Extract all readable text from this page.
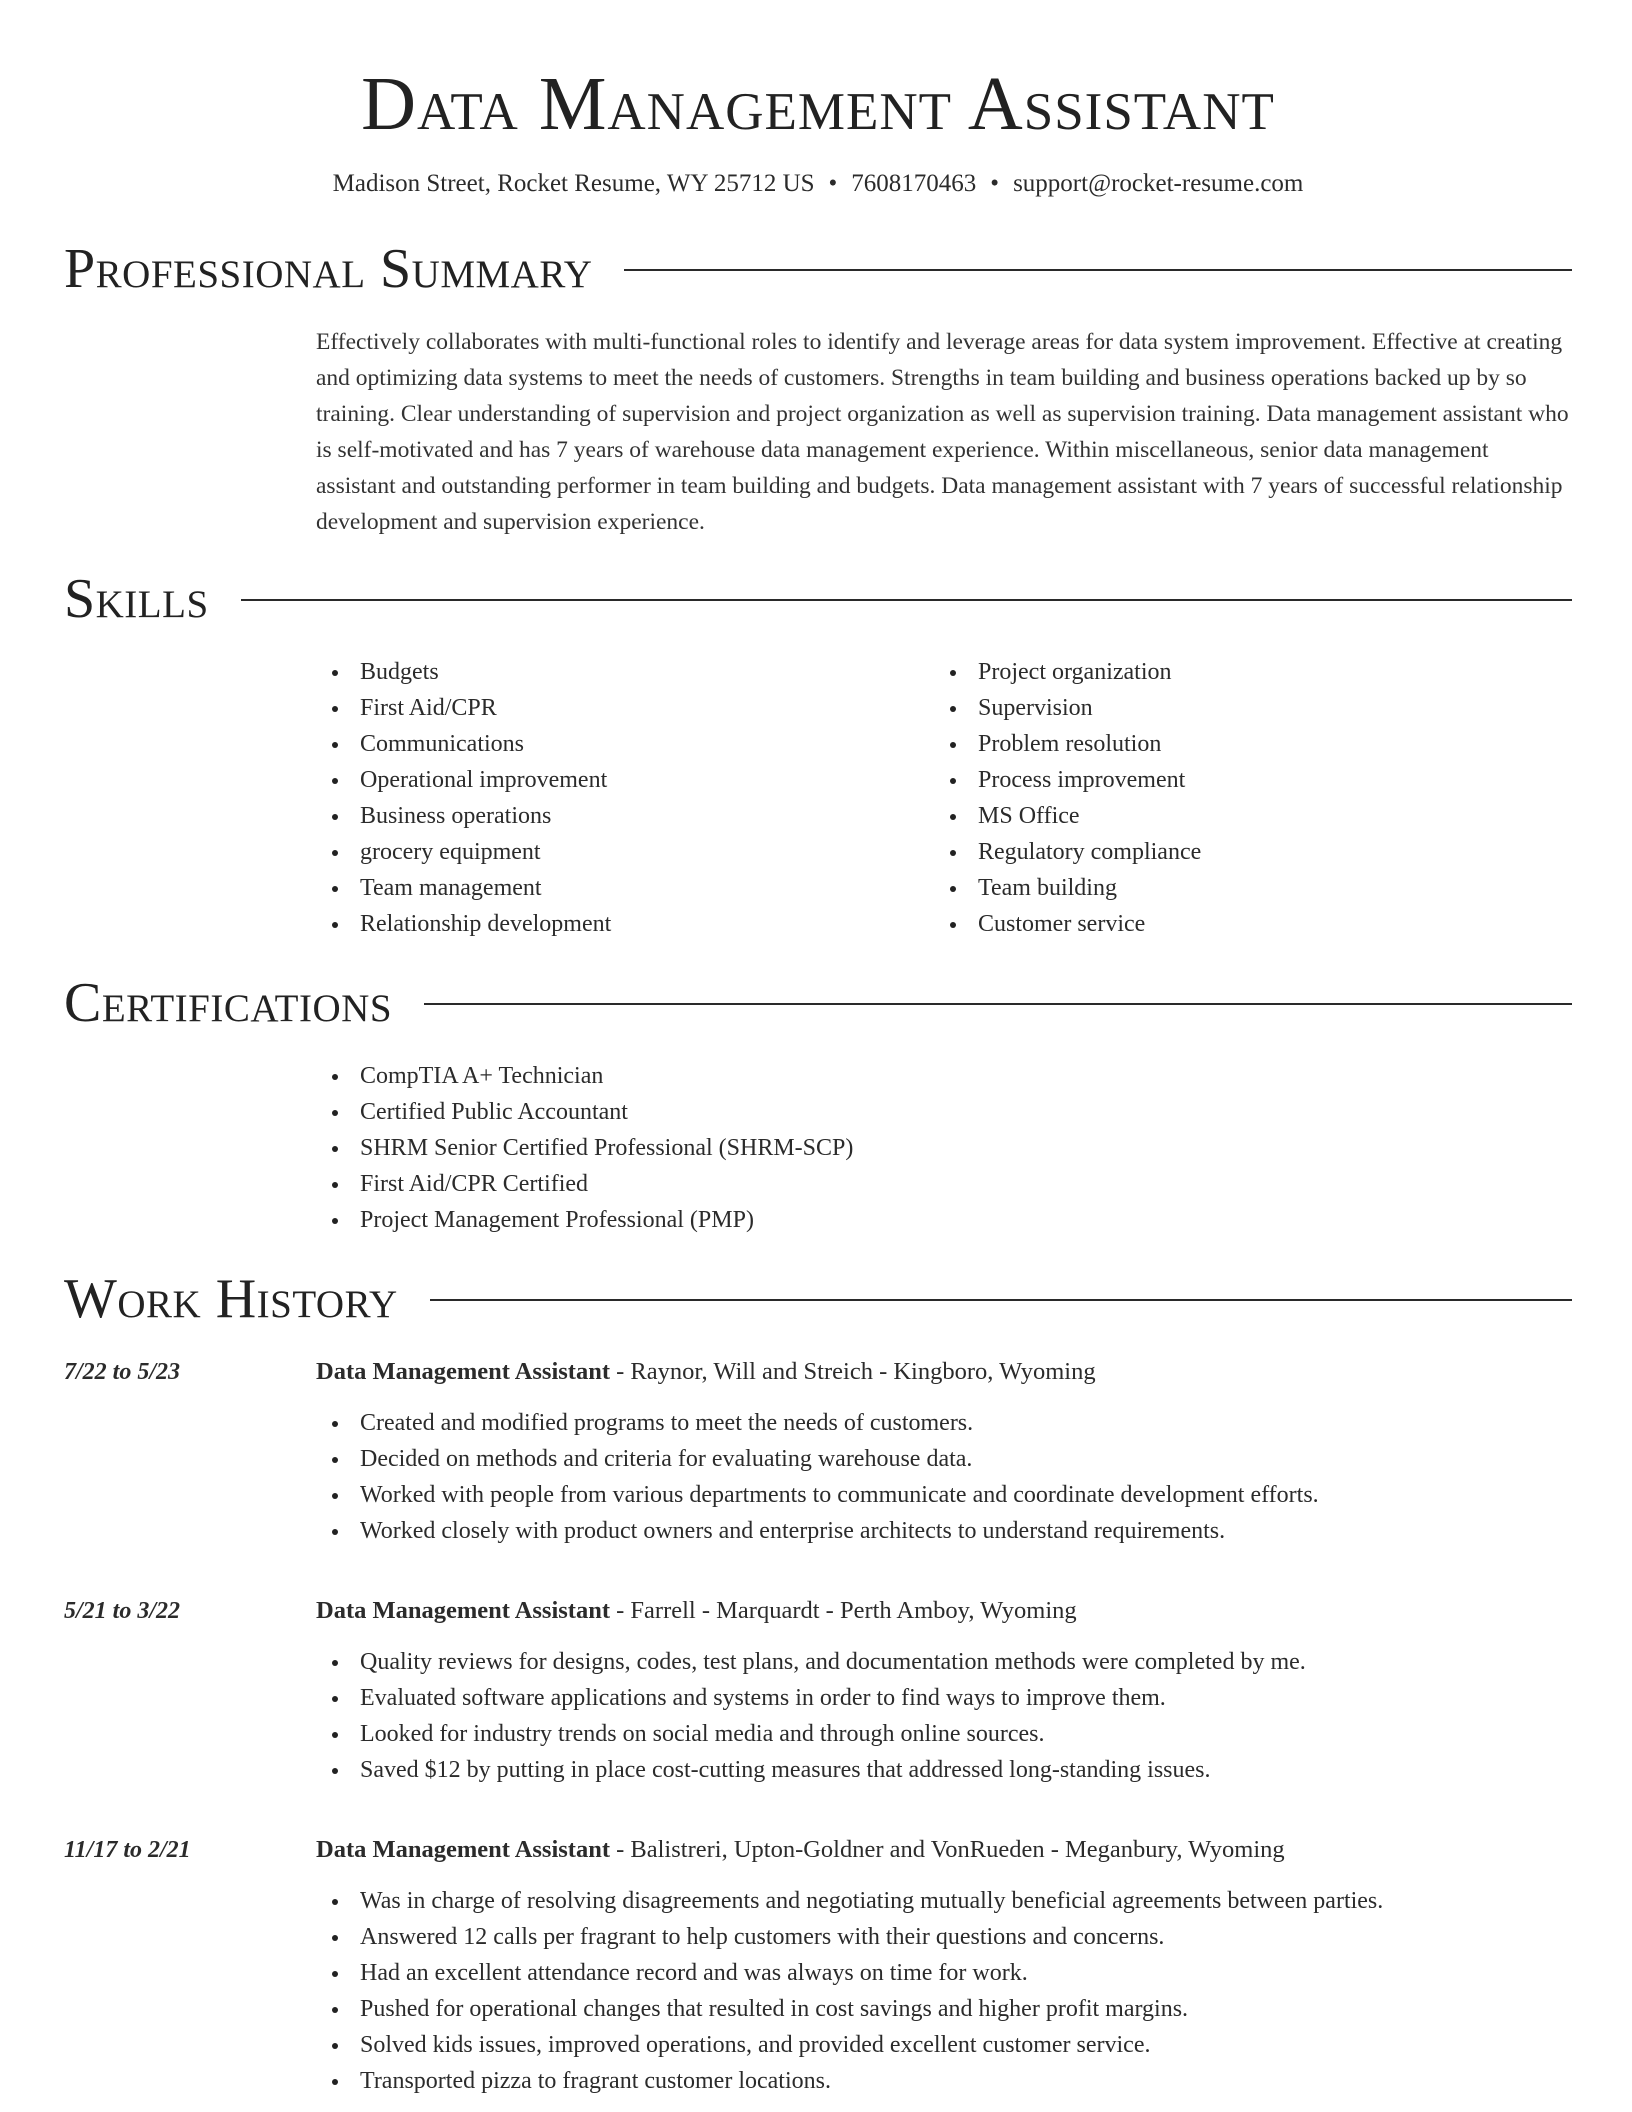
Data Management Assistant
Madison Street, Rocket Resume, WY 25712 US • 7608170463 • support@rocket-resume.com
Professional Summary

Effectively collaborates with multi-functional roles to identify and leverage areas for data system improvement. Effective at creating and optimizing data systems to meet the needs of customers. Strengths in team building and business operations backed up by so training. Clear understanding of supervision and project organization as well as supervision training. Data management assistant who is self-motivated and has 7 years of warehouse data management experience. Within miscellaneous, senior data management assistant and outstanding performer in team building and budgets. Data management assistant with 7 years of successful relationship development and supervision experience.

Skills
Budgets
First Aid/CPR
Communications
Operational improvement
Business operations
grocery equipment
Team management
Relationship development
Project organization
Supervision
Problem resolution
Process improvement
MS Office
Regulatory compliance
Team building
Customer service
Certifications
CompTIA A+ Technician
Certified Public Accountant
SHRM Senior Certified Professional (SHRM-SCP)
First Aid/CPR Certified
Project Management Professional (PMP)
Work History
7/22 to 5/23	Data Management Assistant - Raynor, Will and Streich - Kingboro, Wyoming
Created and modified programs to meet the needs of customers.
Decided on methods and criteria for evaluating warehouse data.
Worked with people from various departments to communicate and coordinate development efforts.
Worked closely with product owners and enterprise architects to understand requirements.
5/21 to 3/22	Data Management Assistant - Farrell - Marquardt - Perth Amboy, Wyoming
Quality reviews for designs, codes, test plans, and documentation methods were completed by me.
Evaluated software applications and systems in order to find ways to improve them.
Looked for industry trends on social media and through online sources.
Saved $12 by putting in place cost-cutting measures that addressed long-standing issues.
11/17 to 2/21	Data Management Assistant - Balistreri, Upton-Goldner and VonRueden - Meganbury, Wyoming
Was in charge of resolving disagreements and negotiating mutually beneficial agreements between parties.
Answered 12 calls per fragrant to help customers with their questions and concerns.
Had an excellent attendance record and was always on time for work.
Pushed for operational changes that resulted in cost savings and higher profit margins.
Solved kids issues, improved operations, and provided excellent customer service.
Transported pizza to fragrant customer locations.
